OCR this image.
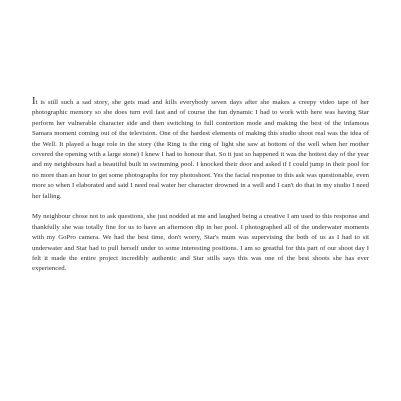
It is still such a sad story, she gets mad and kills everybody seven days after she makes a creepy video tape of her photographic memory so she does turn evil fast and of course the fun dynamic I had to work with here was having Star perform her vulnerable character side and then switching to full contortion mode and making the best of the infamous Samara moment coming out of the television. One of the hardest elements of making this studio shoot real was the idea of the Well. It played a huge role in the story (the Ring is the ring of light she saw at bottom of the well when her mother covered the opening with a large stone) I knew I had to honour that. So it just so happened it was the hottest day of the year and my neighbours had a beautiful built in swimming pool. I knocked their door and asked if I could jump in their pool for no more than an hour to get some photographs for my photoshoot. Yes the facial response to this ask was questionable, even more so when I elaborated and said I need real water her character drowned in a well and I can't do that in my studio I need her falling.

My neighbour chose not to ask questions, she just nodded at me and laughed being a creative I am used to this response and thankfully she was totally fine for us to have an afternoon dip in her pool. I photographed all of the underwater moments with my GoPro camera. We had the best time, don't worry, Star's mum was supervising the both of us as I had to sit underwater and Star had to pull herself under to some interesting positions. I am so greatful for this part of our shoot day I felt it made the entire project incredibly authentic and Star stills says this was one of the best shoots she has ever experienced.
